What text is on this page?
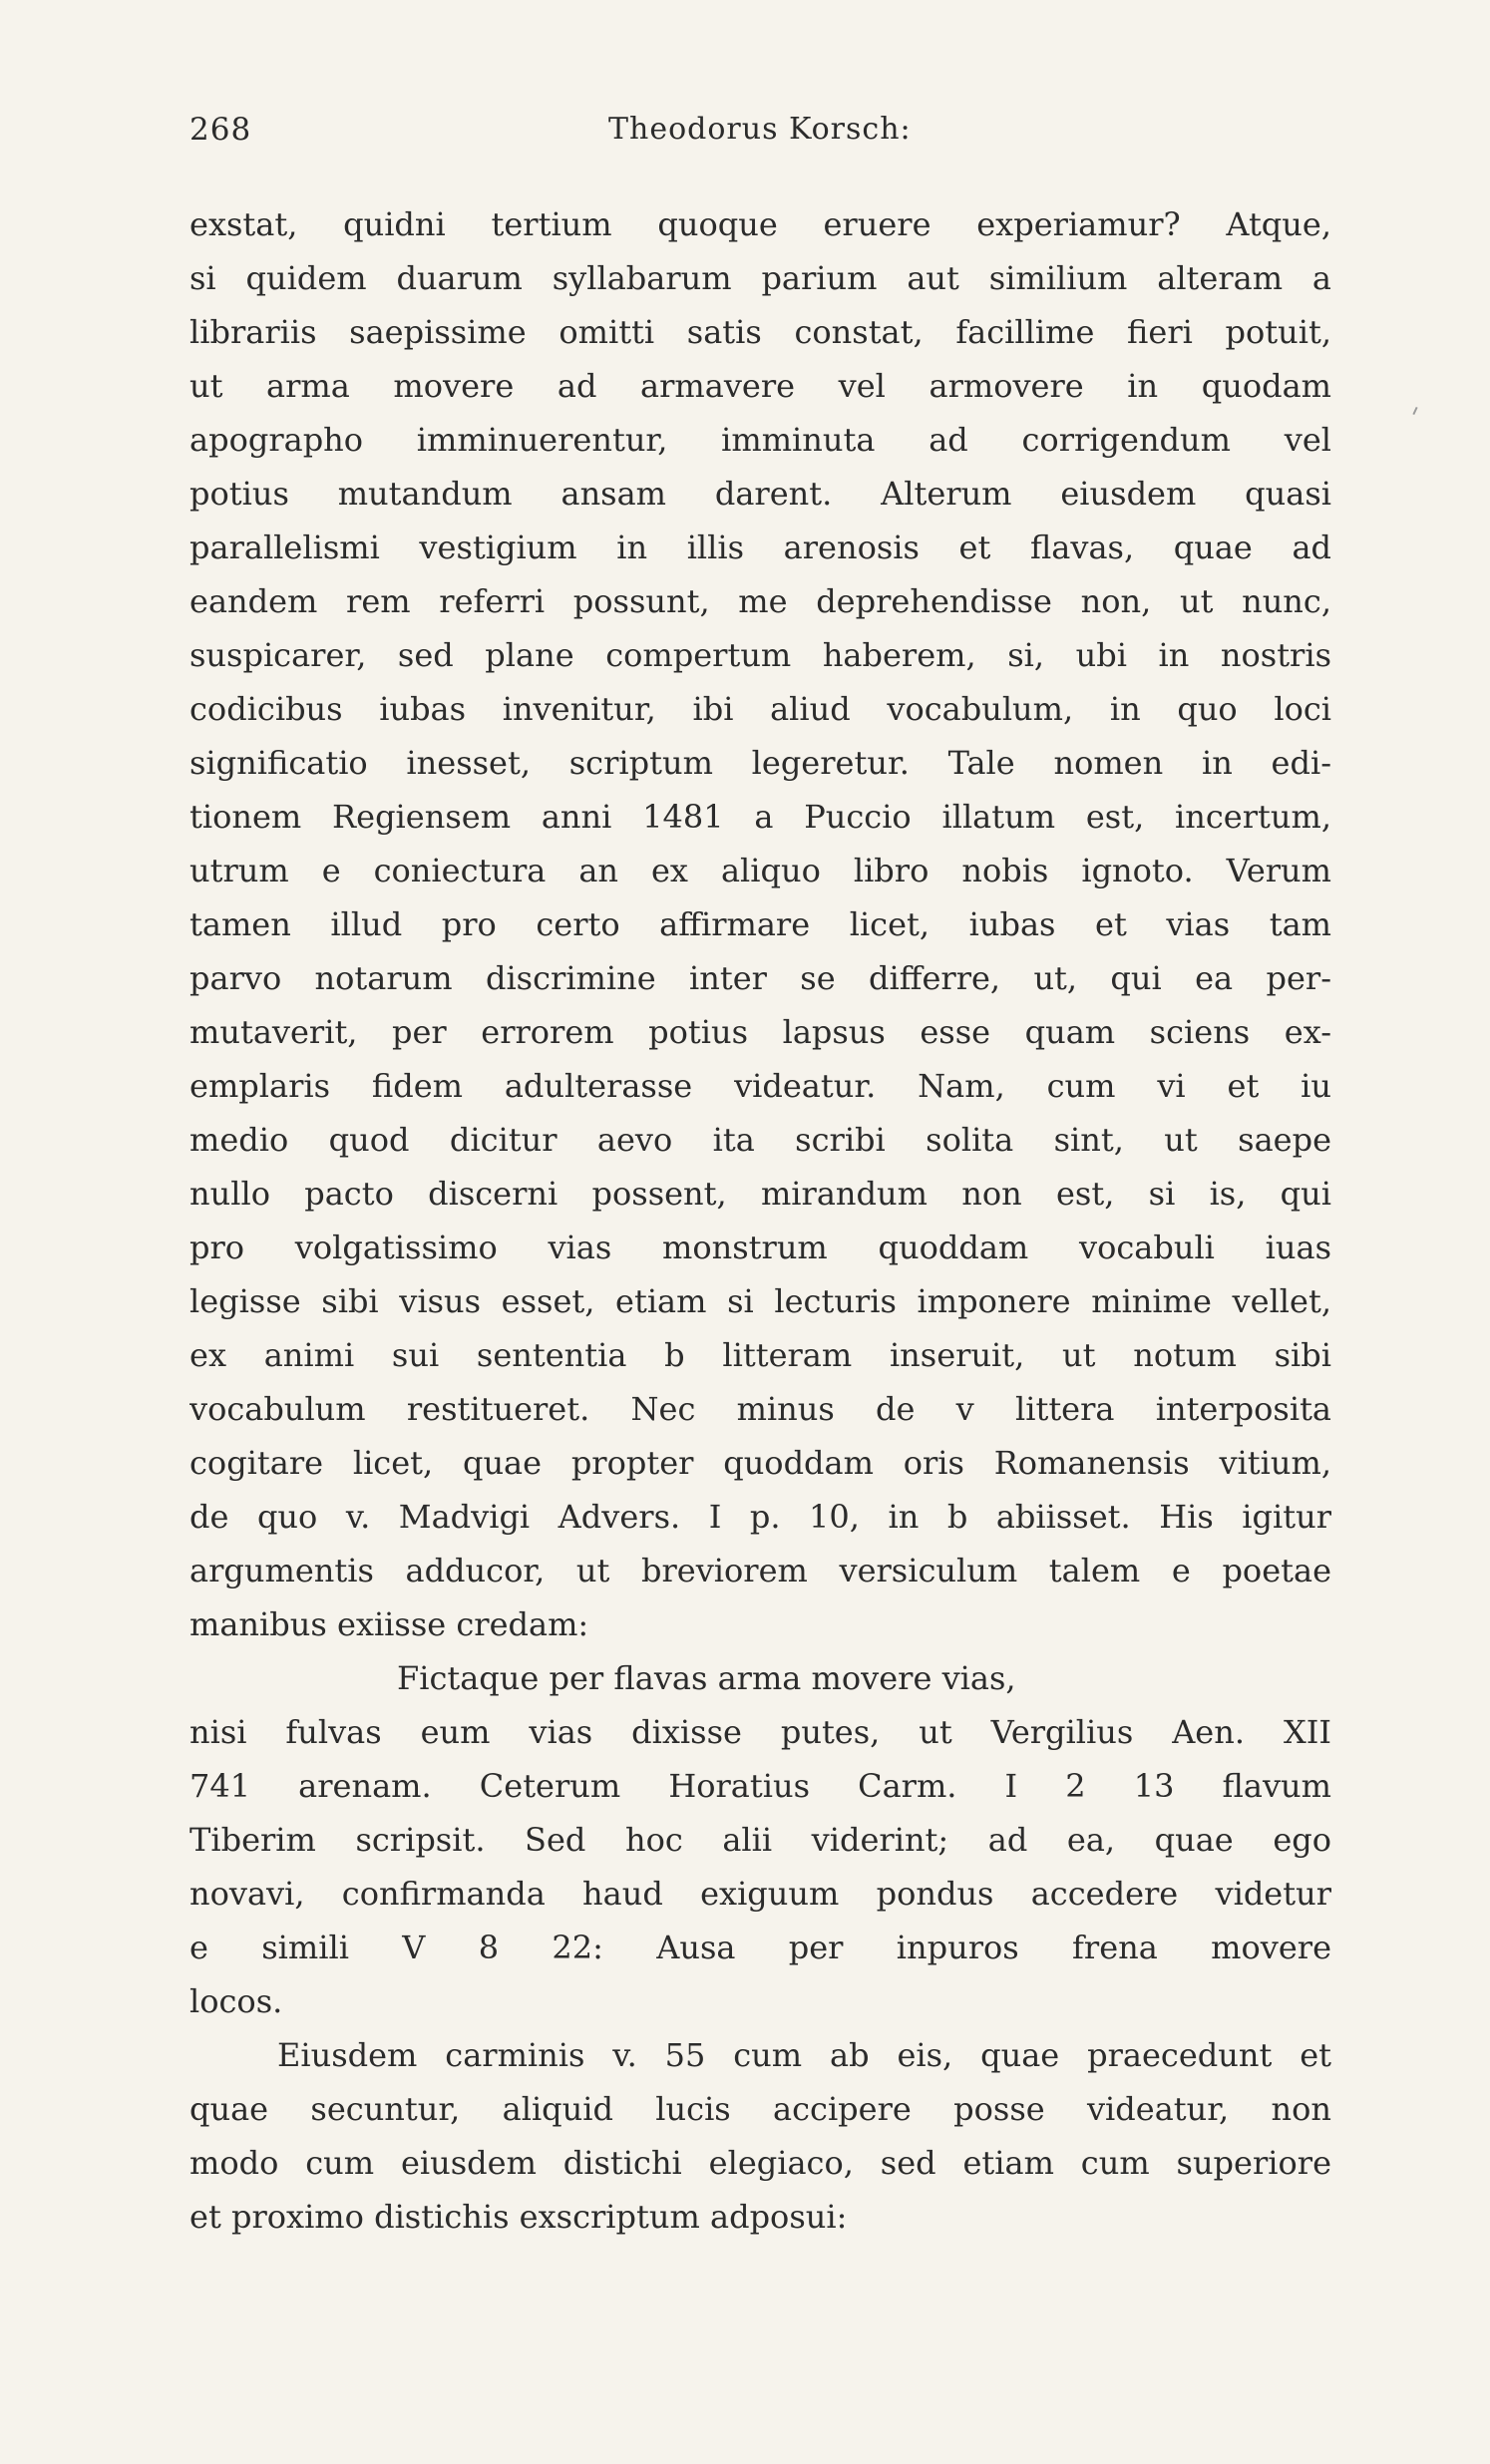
268	Theodorus Korsch:
exstat, quidni tertium quoque eruere experiamur? Atque,
si quidem duarum syllabarum parium aut similium alteram a
librariis saepissime omitti satis constat, facillime fieri potuit,
ut arma movere ad armavere vel armovere in quodam
apographo imminuerentur, imminuta ad corrigendum vel
potius mutandum ansam darent. Alterum eiusdem quasi
parallelismi vestigium in illis arenosis et flavas, quae ad
eandem rem referri possunt, me deprehendisse non, ut nunc,
suspicarer, sed plane compertum haberem, si, ubi in nostris
codicibus iubas invenitur, ibi aliud vocabulum, in quo loci
significatio inesset, scriptum legeretur. Tale nomen in edi-
tionem Regiensem anni 1481 a Puccio illatum est, incertum,
utrum e coniectura an ex aliquo libro nobis ignoto. Verum
tamen illud pro certo affirmare licet, iubas et vias tam
parvo notarum discrimine inter se differre, ut, qui ea per-
mutaverit, per errorem potius lapsus esse quam sciens ex-
emplaris fidem adulterasse videatur. Nam, cum vi et iu
medio quod dicitur aevo ita scribi solita sint, ut saepe
nullo pacto discerni possent, mirandum non est, si is, qui
pro volgatissimo vias monstrum quoddam vocabuli iuas
legisse sibi visus esset, etiam si lecturis imponere minime vellet,
ex animi sui sententia b litteram inseruit, ut notum sibi
vocabulum restitueret. Nec minus de v littera interposita
cogitare licet, quae propter quoddam oris Romanensis vitium,
de quo v. Madvigi Advers. I p. 10, in b abiisset. His igitur
argumentis adducor, ut breviorem versiculum talem e poetae
manibus exiisse credam:
Fictaque per flavas arma movere vias,
nisi fulvas eum vias dixisse putes, ut Vergilius Aen. XII
741 arenam. Ceterum Horatius Carm. I 2 13 flavum
Tiberim scripsit. Sed hoc alii viderint; ad ea, quae ego
novavi, confirmanda haud exiguum pondus accedere videtur
e simili V 8 22: Ausa per inpuros frena movere
locos.
Eiusdem carminis v. 55 cum ab eis, quae praecedunt et
quae secuntur, aliquid lucis accipere posse videatur, non
modo cum eiusdem distichi elegiaco, sed etiam cum superiore
et proximo distichis exscriptum adposui:
